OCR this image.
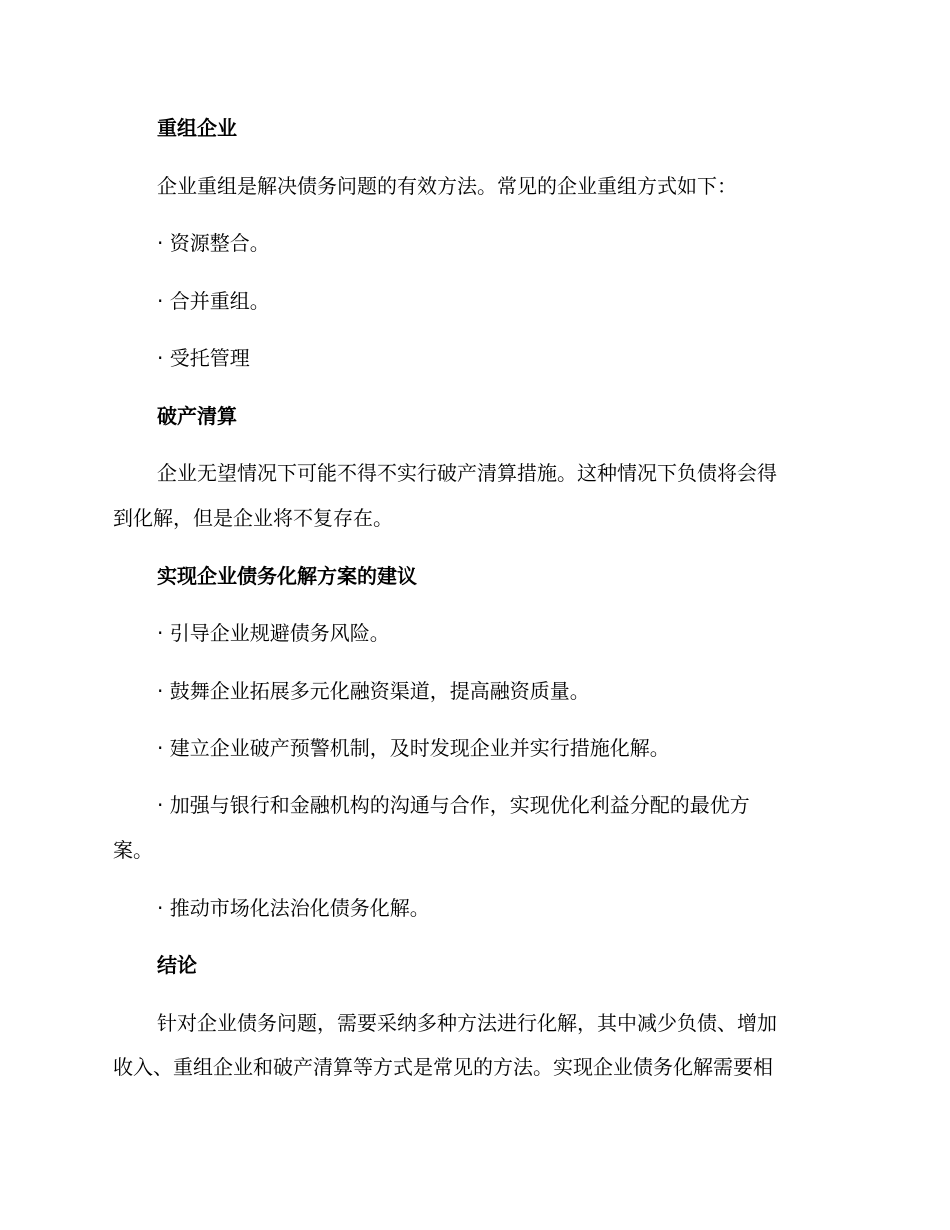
重组企业
企业重组是解决债务问题的有效方法。常见的企业重组方式如下：
· 资源整合。
· 合并重组。
· 受托管理
破产清算
企业无望情况下可能不得不实行破产清算措施。这种情况下负债将会得
到化解，但是企业将不复存在。
实现企业债务化解方案的建议
· 引导企业规避债务风险。
· 鼓舞企业拓展多元化融资渠道，提高融资质量。
· 建立企业破产预警机制，及时发现企业并实行措施化解。
· 加强与银行和金融机构的沟通与合作，实现优化利益分配的最优方
案。
· 推动市场化法治化债务化解。
结论
针对企业债务问题，需要采纳多种方法进行化解，其中减少负债、增加
收入、重组企业和破产清算等方式是常见的方法。实现企业债务化解需要相
